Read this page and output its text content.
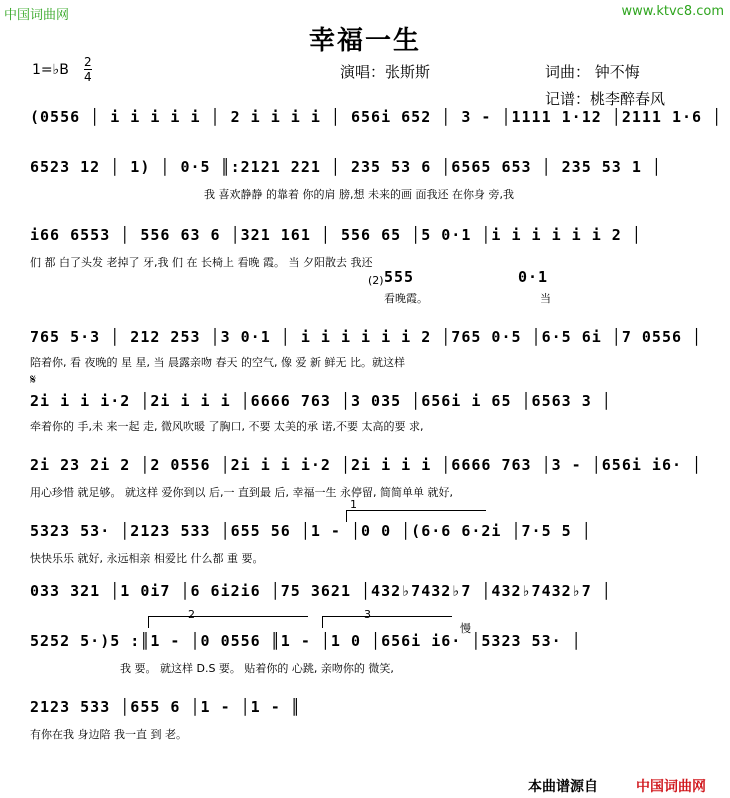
中国词曲网	www.ktvc8.com
幸福一生
1=♭B 2
4	演唱：张斯斯	词曲： 钟不悔
记谱：桃李醉春风
(0556 │ i i i i i │ 2 i i i i │ 656i 652 │ 3 - │1111 1·12 │2111 1·6 │
6523 12 │ 1) │ 0·5 ║:2121 221 │ 235 53 6 │6565 653 │ 235 53 1 │
我 喜欢静静 的靠着 你的肩 膀,想 未来的画 面我还 在你身 旁,我
i66 6553 │ 556 63 6 │321 161 │ 556 65 │5 0·1 │i i i i i i 2 │
们 都 白了头发 老掉了 牙,我 们 在 长椅上 看晚 霞。 当 夕阳散去 我还
(2) 555
看晚霞。
0·1
当
765 5·3 │ 212 253 │3 0·1 │ i i i i i i 2 │765 0·5 │6·5 6i │7 0556 │
陪着你, 看 夜晚的 星 星, 当 晨露亲吻 春天 的空气, 像 爱 新 鲜无 比。就这样
𝄋
2i i i i·2 │2i i i i │6666 763 │3 035 │656i i 65 │6563 3 │
牵着你的 手,未 来一起 走, 微风吹暖 了胸口, 不要 太美的承 诺,不要 太高的要 求,
2i 23 2i 2 │2 0556 │2i i i i·2 │2i i i i │6666 763 │3 - │656i i6· │
用心珍惜 就足够。 就这样 爱你到以 后,一 直到最 后, 幸福一生 永停留, 简简单单 就好,
1
5323 53· │2123 533 │655 56 │1 - │0 0 │(6·6 6·2i │7·5 5 │
快快乐乐 就好, 永远相亲 相爱比 什么都 重 要。
033 321 │1 0i7 │6 6i2i6 │75 3621 │432♭7432♭7 │432♭7432♭7 │
2	3
慢
5252 5·)5 :║1 - │0 0556 ║1 - │1 0 │656i i6· │5323 53· │
我 要。 就这样 D.S 要。 贴着你的 心跳, 亲吻你的 微笑,
2123 533 │655 6 │1 - │1 - ║
有你在我 身边陪 我一直 到 老。
本曲谱源自	中国词曲网
